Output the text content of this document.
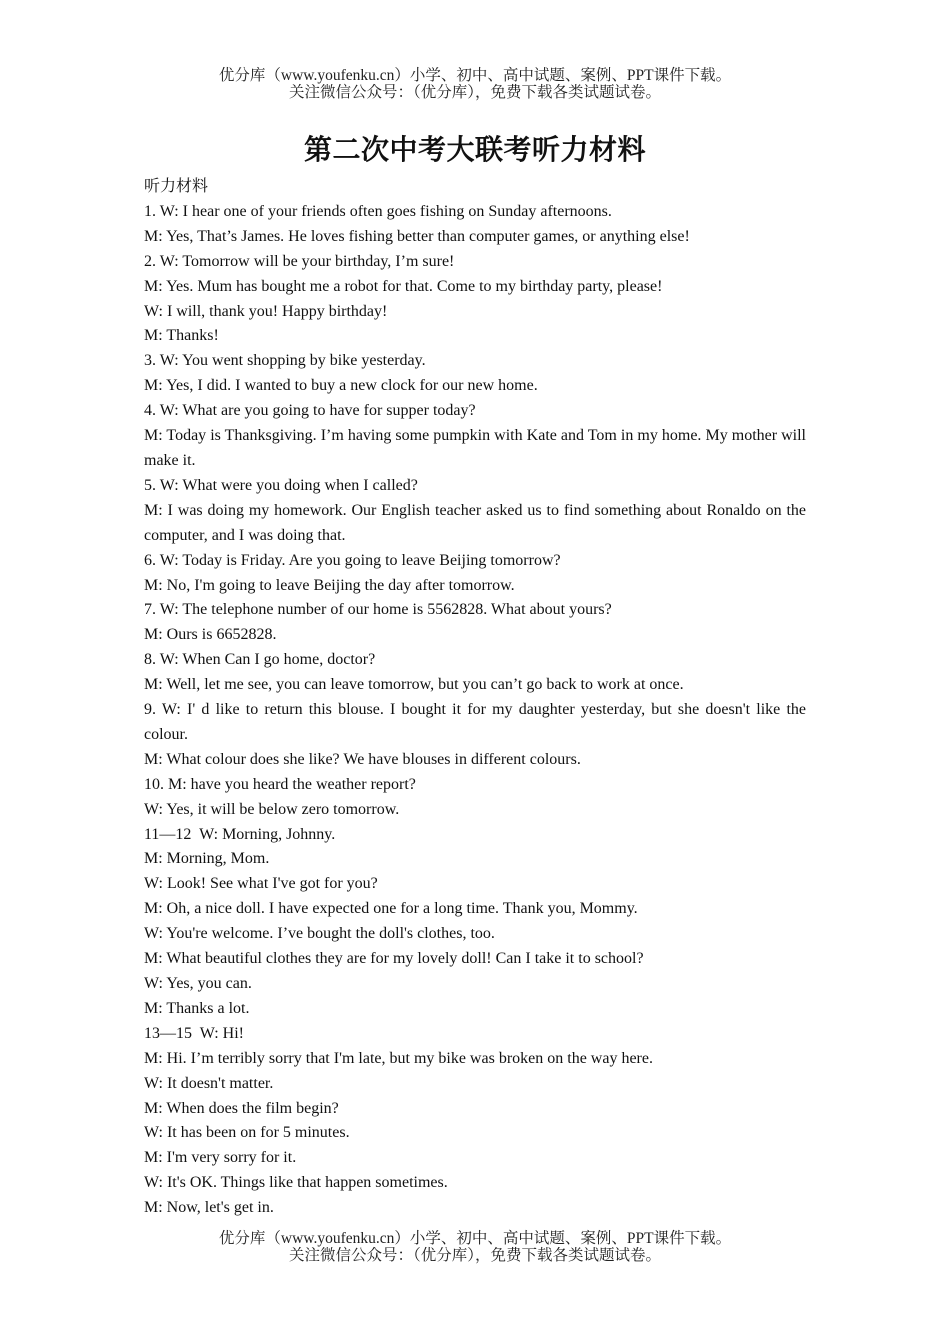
优分库（www.youfenku.cn）小学、初中、高中试题、案例、PPT课件下载。
关注微信公众号：（优分库），免费下载各类试题试卷。
第二次中考大联考听力材料
听力材料
1. W: I hear one of your friends often goes fishing on Sunday afternoons.
M: Yes, That’s James. He loves fishing better than computer games, or anything else!
2. W: Tomorrow will be your birthday, I’m sure!
M: Yes. Mum has bought me a robot for that. Come to my birthday party, please!
W: I will, thank you! Happy birthday!
M: Thanks!
3. W: You went shopping by bike yesterday.
M: Yes, I did. I wanted to buy a new clock for our new home.
4. W: What are you going to have for supper today?
M: Today is Thanksgiving. I’m having some pumpkin with Kate and Tom in my home. My mother will make it.
5. W: What were you doing when I called?
M: I was doing my homework. Our English teacher asked us to find something about Ronaldo on the computer, and I was doing that.
6. W: Today is Friday. Are you going to leave Beijing tomorrow?
M: No, I'm going to leave Beijing the day after tomorrow.
7. W: The telephone number of our home is 5562828. What about yours?
M: Ours is 6652828.
8. W: When Can I go home, doctor?
M: Well, let me see, you can leave tomorrow, but you can’t go back to work at once.
9. W: I' d like to return this blouse. I bought it for my daughter yesterday, but she doesn't like the colour.
M: What colour does she like? We have blouses in different colours.
10. M: have you heard the weather report?
W: Yes, it will be below zero tomorrow.
11—12  W: Morning, Johnny.
M: Morning, Mom.
W: Look! See what I've got for you?
M: Oh, a nice doll. I have expected one for a long time. Thank you, Mommy.
W: You're welcome. I’ve bought the doll's clothes, too.
M: What beautiful clothes they are for my lovely doll! Can I take it to school?
W: Yes, you can.
M: Thanks a lot.
13—15  W: Hi!
M: Hi. I’m terribly sorry that I'm late, but my bike was broken on the way here.
W: It doesn't matter.
M: When does the film begin?
W: It has been on for 5 minutes.
M: I'm very sorry for it.
W: It's OK. Things like that happen sometimes.
M: Now, let's get in.
优分库（www.youfenku.cn）小学、初中、高中试题、案例、PPT课件下载。
关注微信公众号：（优分库），免费下载各类试题试卷。
